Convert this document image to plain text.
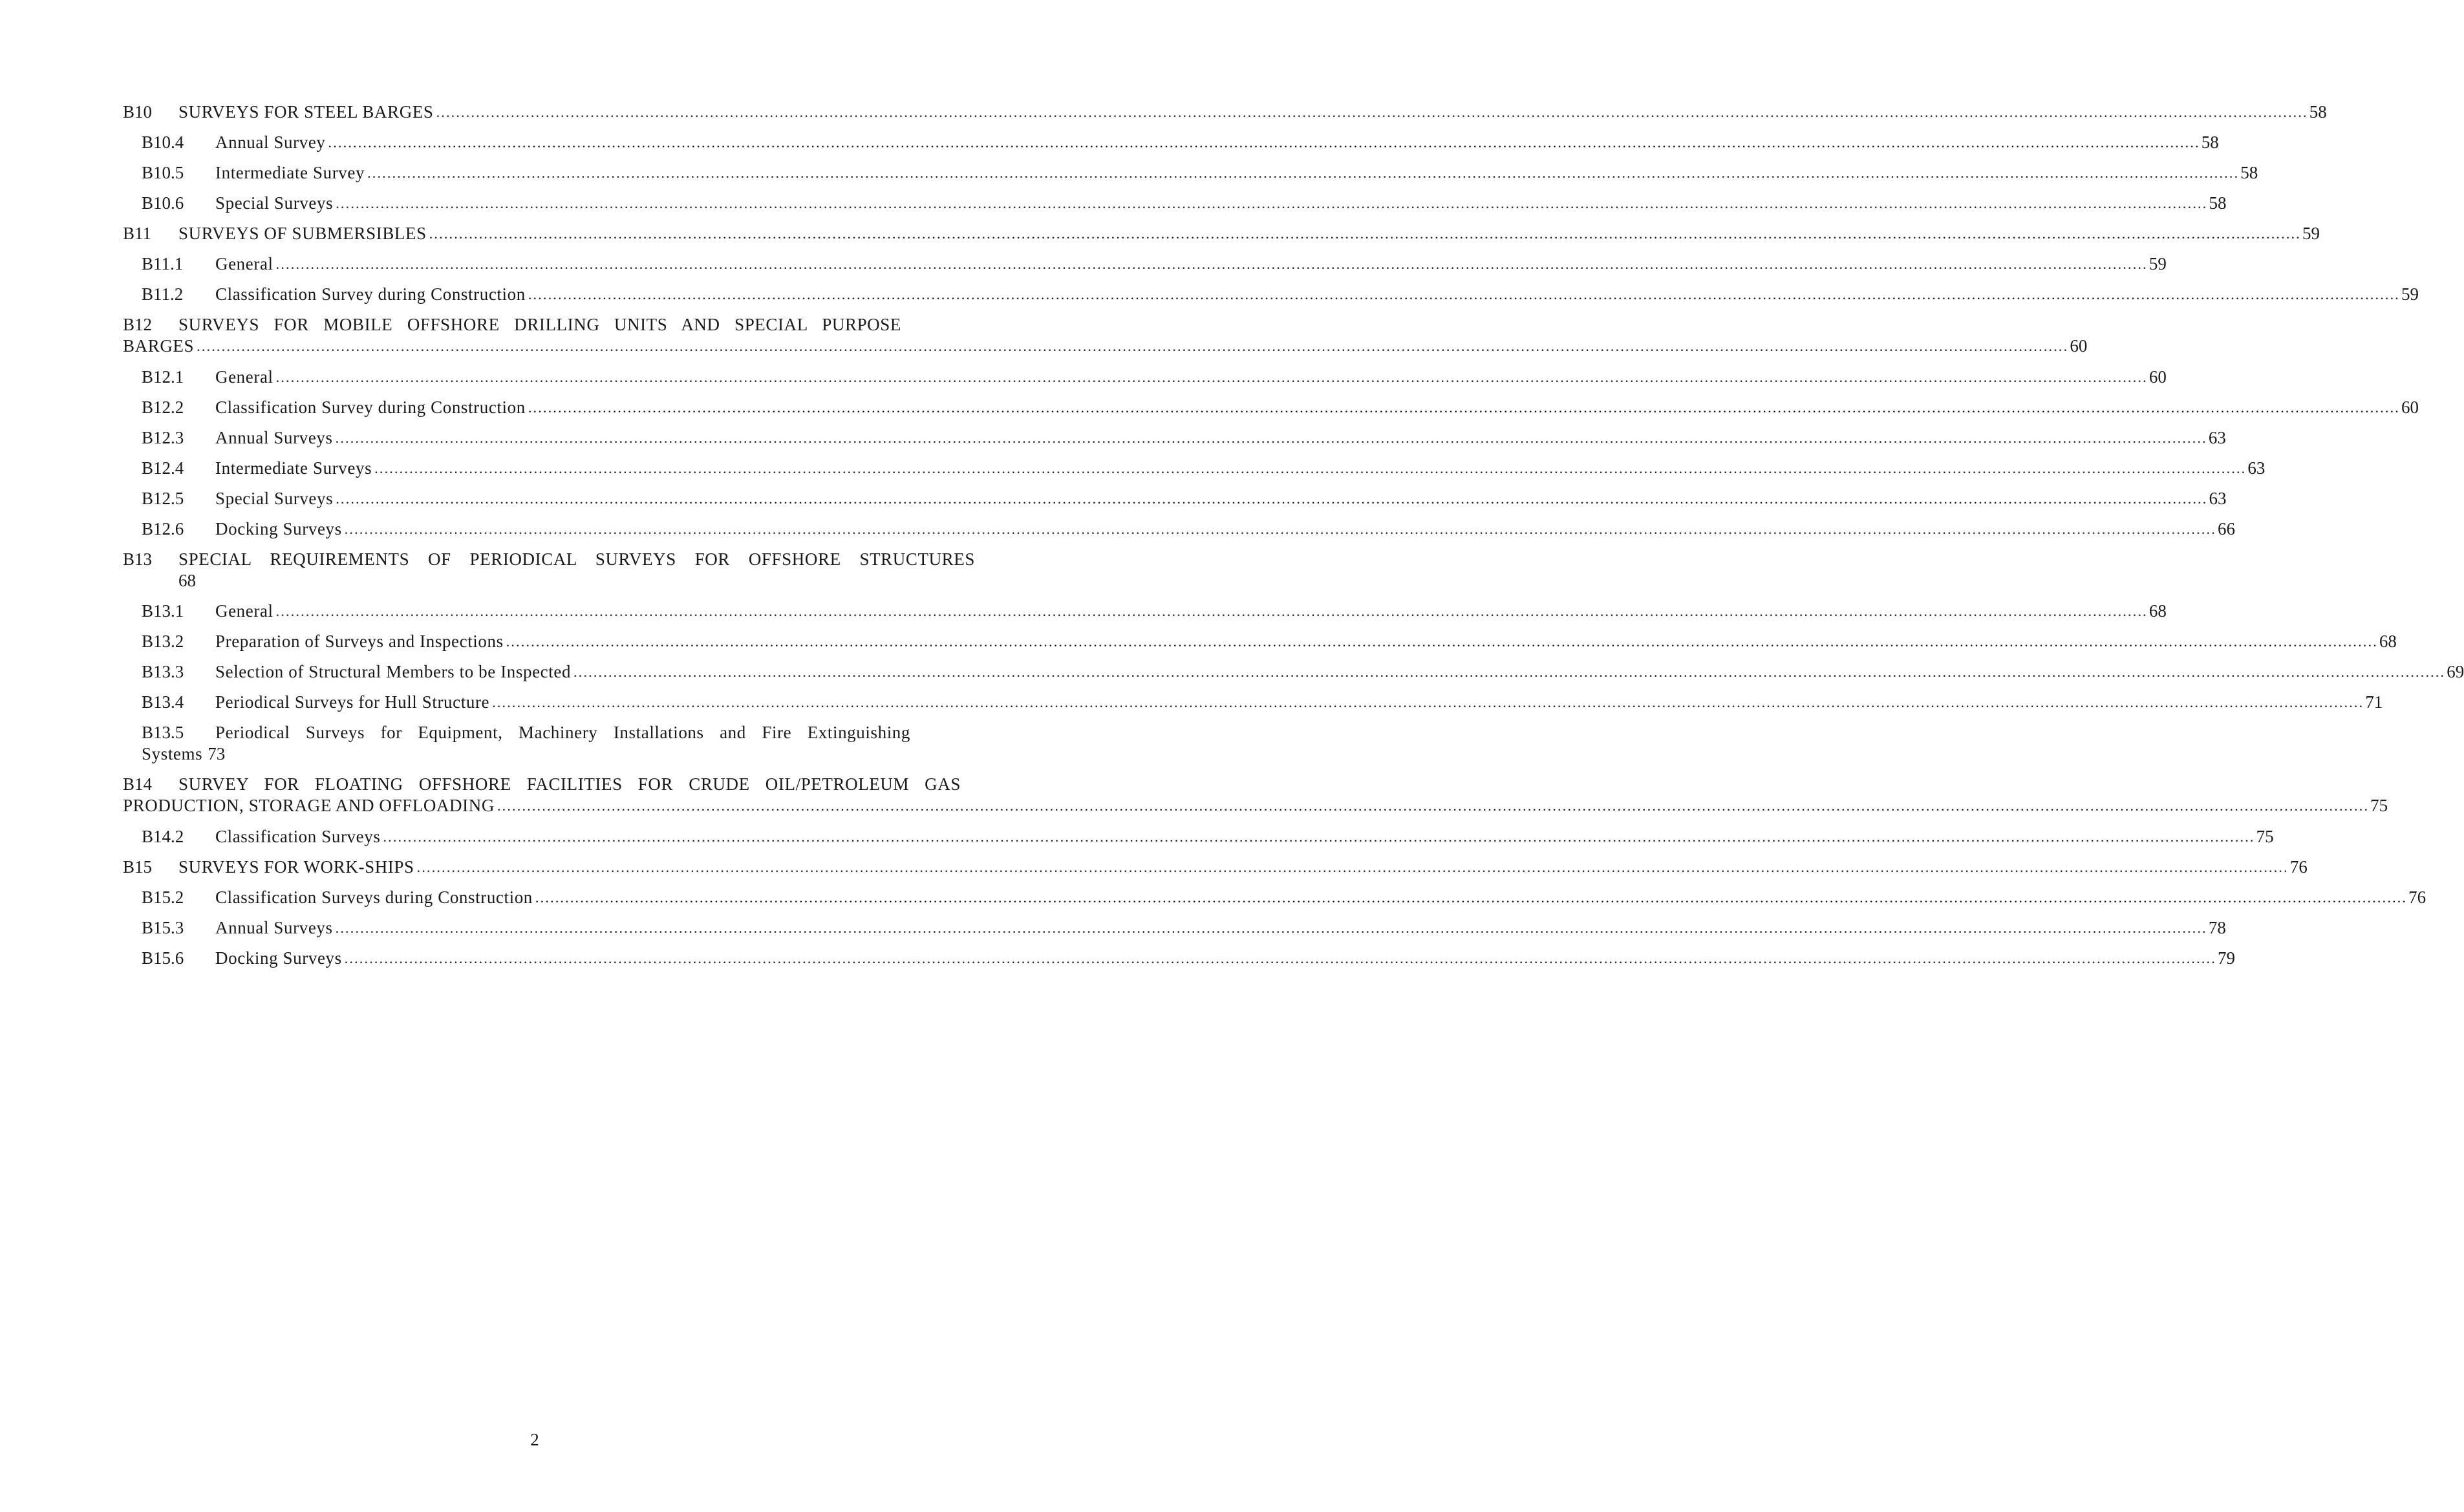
B10	SURVEYS FOR STEEL BARGES .....	58
B10.4	Annual Survey .....	58
B10.5	Intermediate Survey .....	58
B10.6	Special Surveys .....	58
B11	SURVEYS OF SUBMERSIBLES .....	59
B11.1	General .....	59
B11.2	Classification Survey during Construction .....	59
B12	SURVEYS FOR MOBILE OFFSHORE DRILLING UNITS AND SPECIAL PURPOSE
BARGES .....	60
B12.1	General .....	60
B12.2	Classification Survey during Construction .....	60
B12.3	Annual Surveys .....	63
B12.4	Intermediate Surveys .....	63
B12.5	Special Surveys .....	63
B12.6	Docking Surveys .....	66
B13	SPECIAL REQUIREMENTS OF PERIODICAL SURVEYS FOR OFFSHORE STRUCTURES
68
B13.1	General .....	68
B13.2	Preparation of Surveys and Inspections .....	68
B13.3	Selection of Structural Members to be Inspected .....	69
B13.4	Periodical Surveys for Hull Structure .....	71
B13.5	Periodical Surveys for Equipment, Machinery Installations and Fire Extinguishing
Systems 73
B14	SURVEY FOR FLOATING OFFSHORE FACILITIES FOR CRUDE OIL/PETROLEUM GAS
PRODUCTION, STORAGE AND OFFLOADING .....	75
B14.2	Classification Surveys .....	75
B15	SURVEYS FOR WORK-SHIPS .....	76
B15.2	Classification Surveys during Construction .....	76
B15.3	Annual Surveys .....	78
B15.6	Docking Surveys .....	79
2
